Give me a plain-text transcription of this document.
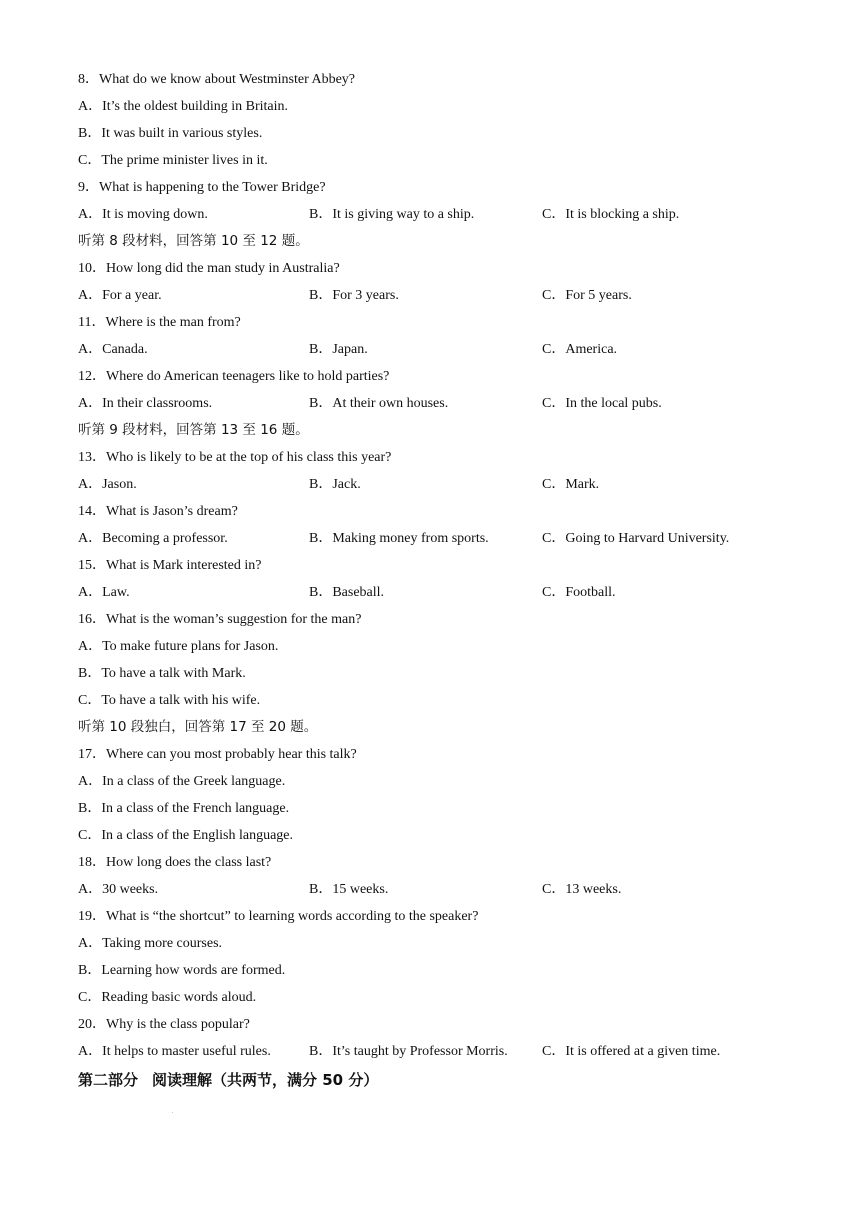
8．What do we know about Westminster Abbey?
A．It’s the oldest building in Britain.
B．It was built in various styles.
C．The prime minister lives in it.
9．What is happening to the Tower Bridge?
A．It is moving down.	B．It is giving way to a ship.	C．It is blocking a ship.
听第 8 段材料，回答第 10 至 12 题。
10．How long did the man study in Australia?
A．For a year.	B．For 3 years.	C．For 5 years.
11．Where is the man from?
A．Canada.	B．Japan.	C．America.
12．Where do American teenagers like to hold parties?
A．In their classrooms.	B．At their own houses.	C．In the local pubs.
听第 9 段材料，回答第 13 至 16 题。
13．Who is likely to be at the top of his class this year?
A．Jason.	B．Jack.	C．Mark.
14．What is Jason’s dream?
A．Becoming a professor.	B．Making money from sports.	C．Going to Harvard University.
15．What is Mark interested in?
A．Law.	B．Baseball.	C．Football.
16．What is the woman’s suggestion for the man?
A．To make future plans for Jason.
B．To have a talk with Mark.
C．To have a talk with his wife.
听第 10 段独白，回答第 17 至 20 题。
17．Where can you most probably hear this talk?
A．In a class of the Greek language.
B．In a class of the French language.
C．In a class of the English language.
18．How long does the class last?
A．30 weeks.	B．15 weeks.	C．13 weeks.
19．What is “the shortcut” to learning words according to the speaker?
A．Taking more courses.
B．Learning how words are formed.
C．Reading basic words aloud.
20．Why is the class popular?
A．It helps to master useful rules.	B．It’s taught by Professor Morris. C．It is offered at a given time.
第二部分 阅读理解（共两节，满分 50 分）
